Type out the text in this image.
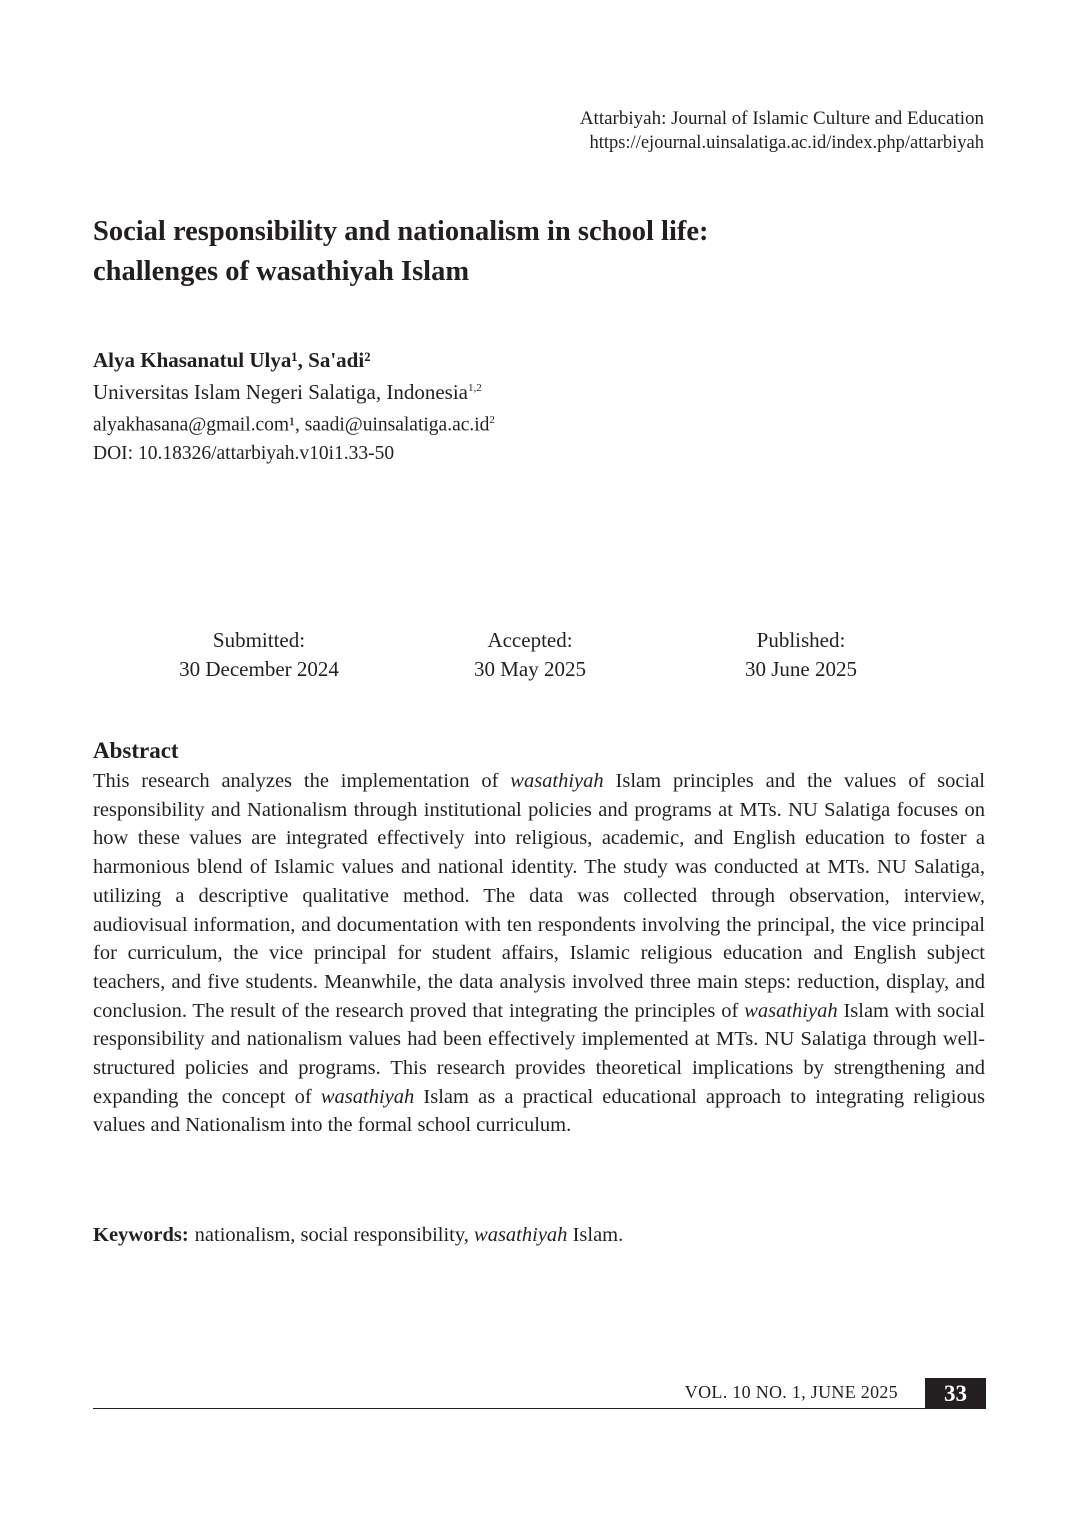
Attarbiyah: Journal of Islamic Culture and Education
https://ejournal.uinsalatiga.ac.id/index.php/attarbiyah
Social responsibility and nationalism in school life:
challenges of wasathiyah Islam
Alya Khasanatul Ulya¹, Sa'adi²
Universitas Islam Negeri Salatiga, Indonesia$^{1,2}$
alyakhasana@gmail.com¹, $saadi@uinsalatiga.ac.id^2$
DOI: 10.18326/attarbiyah.v10i1.33-50
Submitted:
30 December 2024
Accepted:
30 May 2025
Published:
30 June 2025
Abstract

This research analyzes the implementation of wasathiyah Islam principles and the values of social responsibility and Nationalism through institutional policies and programs at MTs. NU Salatiga focuses on how these values are integrated effectively into religious, academic, and English education to foster a harmonious blend of Islamic values and national identity. The study was conducted at MTs. NU Salatiga, utilizing a descriptive qualitative method. The data was collected through observation, interview, audiovisual information, and documentation with ten respondents involving the principal, the vice principal for curriculum, the vice principal for student affairs, Islamic religious education and English subject teachers, and five students. Meanwhile, the data analysis involved three main steps: reduction, display, and conclusion. The result of the research proved that integrating the principles of wasathiyah Islam with social responsibility and nationalism values had been effectively implemented at MTs. NU Salatiga through well-structured policies and programs. This research provides theoretical implications by strengthening and expanding the concept of wasathiyah Islam as a practical educational approach to integrating religious values and Nationalism into the formal school curriculum.

Keywords: nationalism, social responsibility, wasathiyah Islam.
VOL. 10 NO. 1, JUNE 2025	33
